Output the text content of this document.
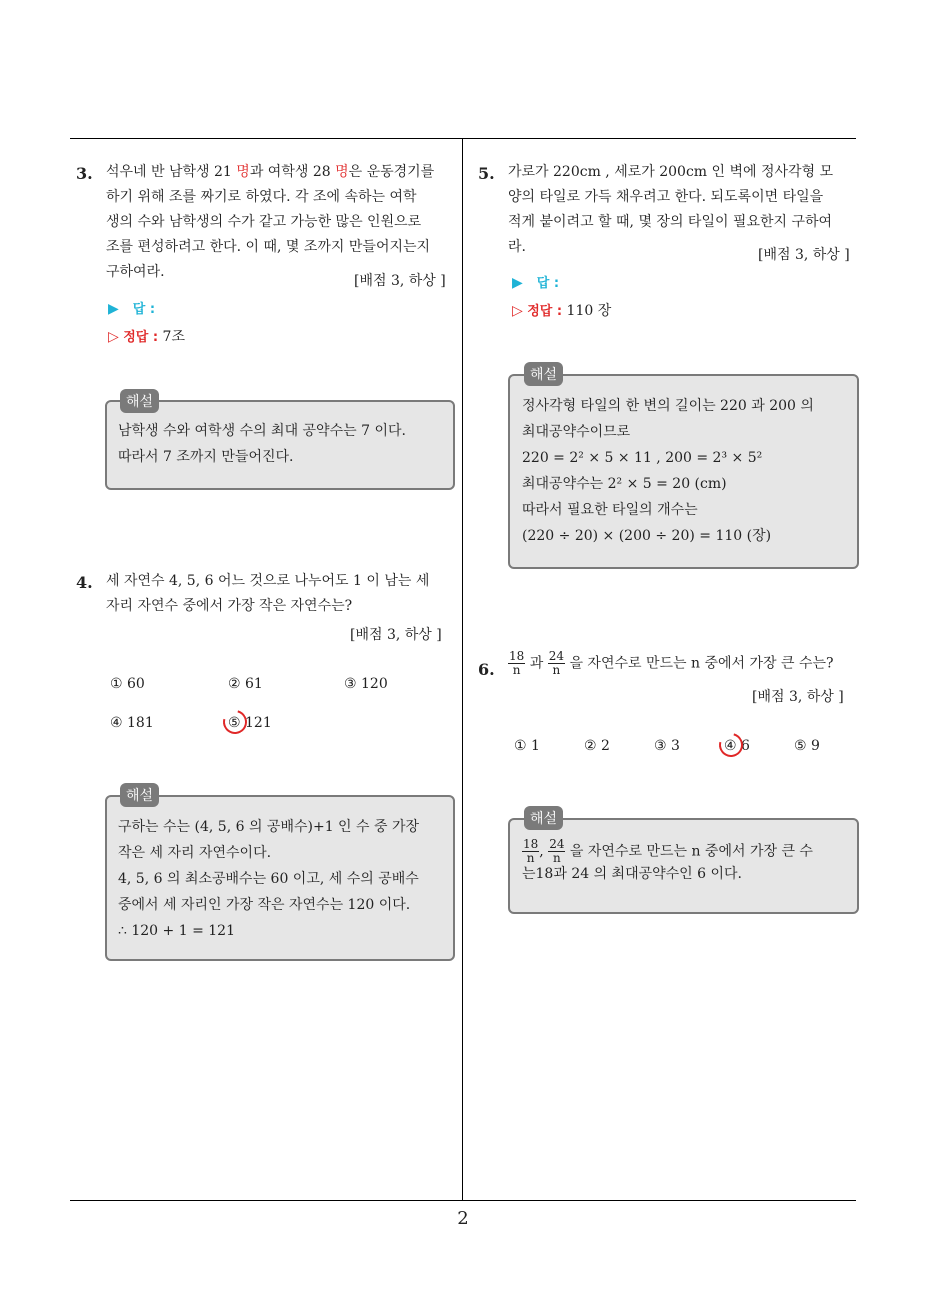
2
3. 석우네 반 남학생 21 명과 여학생 28 명은 운동경기를
하기 위해 조를 짜기로 하였다. 각 조에 속하는 여학
생의 수와 남학생의 수가 같고 가능한 많은 인원으로
조를 편성하려고 한다. 이 때, 몇 조까지 만들어지는지
구하여라.
[배점 3, 하상 ]
▶ 답 :
▷ 정답 : 7조
해설
남학생 수와 여학생 수의 최대 공약수는 7 이다.
따라서 7 조까지 만들어진다.
4. 세 자연수 4, 5, 6 어느 것으로 나누어도 1 이 남는 세
자리 자연수 중에서 가장 작은 자연수는?
[배점 3, 하상 ]
① 60	② 61	③ 120
④ 181	⑤ 121
해설
구하는 수는 (4, 5, 6 의 공배수)+1 인 수 중 가장
작은 세 자리 자연수이다.
4, 5, 6 의 최소공배수는 60 이고, 세 수의 공배수
중에서 세 자리인 가장 작은 자연수는 120 이다.
∴ 120 + 1 = 121
5. 가로가 220cm , 세로가 200cm 인 벽에 정사각형 모
양의 타일로 가득 채우려고 한다. 되도록이면 타일을
적게 붙이려고 할 때, 몇 장의 타일이 필요한지 구하여
라.	[배점 3, 하상 ]
▶ 답 :
▷ 정답 : 110 장
해설
정사각형 타일의 한 변의 길이는 220 과 200 의
최대공약수이므로
220 = 2² × 5 × 11 , 200 = 2³ × 5²
최대공약수는 2² × 5 = 20 (cm)
따라서 필요한 타일의 개수는
(220 ÷ 20) × (200 ÷ 20) = 110 (장)
6. $\frac{18}{n}$ 과 $\frac{24}{n}$ 을 자연수로 만드는 n 중에서 가장 큰 수는?
[배점 3, 하상 ]
① 1	② 2	③ 3	④ 6	⑤ 9
해설
$\frac{18}{n}$ , $\frac{24}{n}$ 을 자연수로 만드는 n 중에서 가장 큰 수
는18과 24 의 최대공약수인 6 이다.
